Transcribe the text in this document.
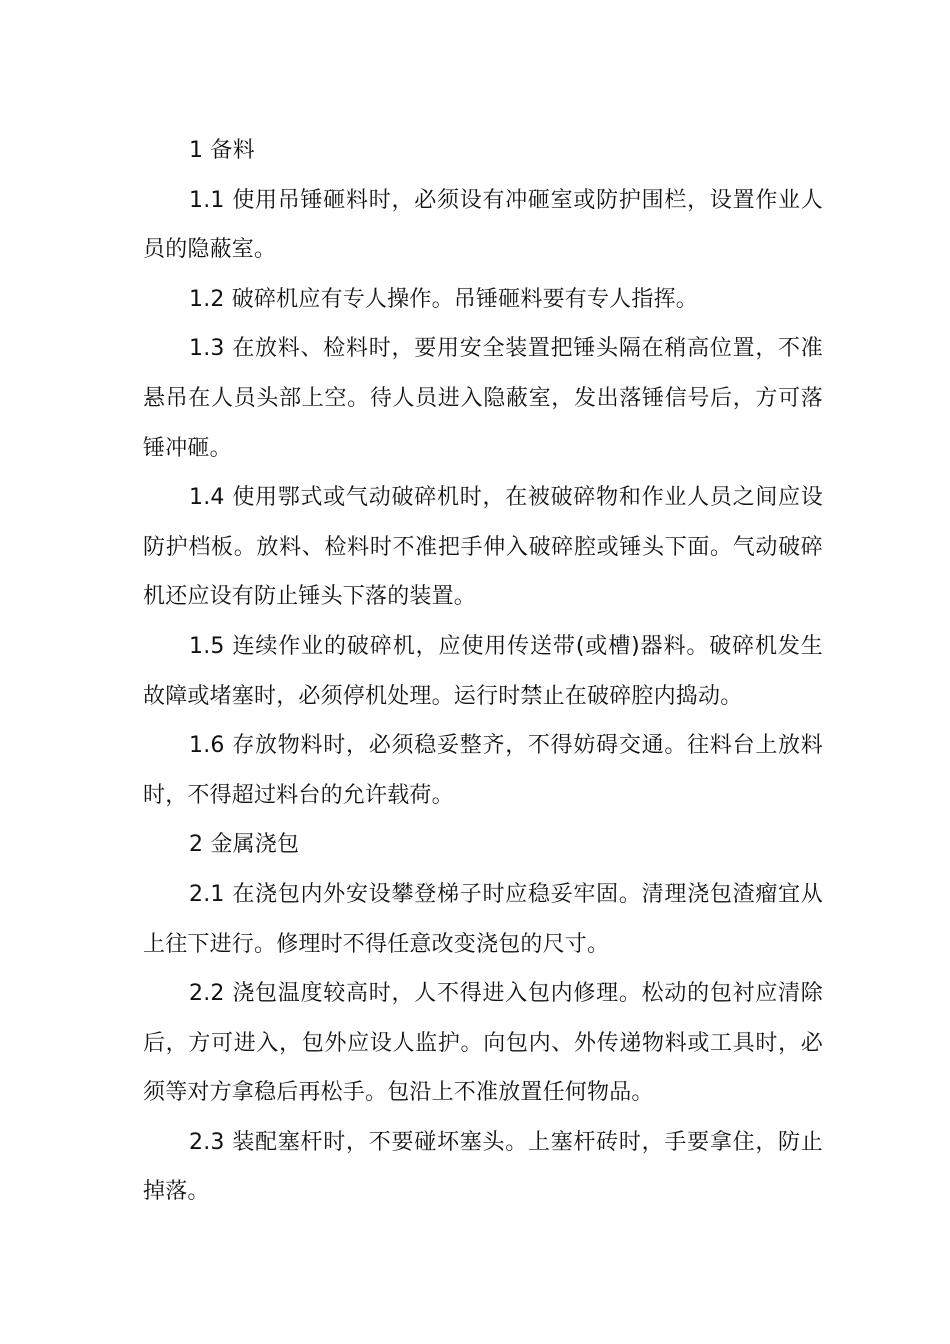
1 备料

1.1 使用吊锤砸料时，必须设有冲砸室或防护围栏，设置作业人员的隐蔽室。

1.2 破碎机应有专人操作。吊锤砸料要有专人指挥。

1.3 在放料、检料时，要用安全装置把锤头隔在稍高位置，不准悬吊在人员头部上空。待人员进入隐蔽室，发出落锤信号后，方可落锤冲砸。

1.4 使用鄂式或气动破碎机时，在被破碎物和作业人员之间应设防护档板。放料、检料时不准把手伸入破碎腔或锤头下面。气动破碎机还应设有防止锤头下落的装置。

1.5 连续作业的破碎机，应使用传送带(或槽)器料。破碎机发生故障或堵塞时，必须停机处理。运行时禁止在破碎腔内捣动。

1.6 存放物料时，必须稳妥整齐，不得妨碍交通。往料台上放料时，不得超过料台的允许载荷。

2 金属浇包

2.1 在浇包内外安设攀登梯子时应稳妥牢固。清理浇包渣瘤宜从上往下进行。修理时不得任意改变浇包的尺寸。

2.2 浇包温度较高时，人不得进入包内修理。松动的包衬应清除后，方可进入，包外应设人监护。向包内、外传递物料或工具时，必须等对方拿稳后再松手。包沿上不准放置任何物品。

2.3 装配塞杆时，不要碰坏塞头。上塞杆砖时，手要拿住，防止掉落。
